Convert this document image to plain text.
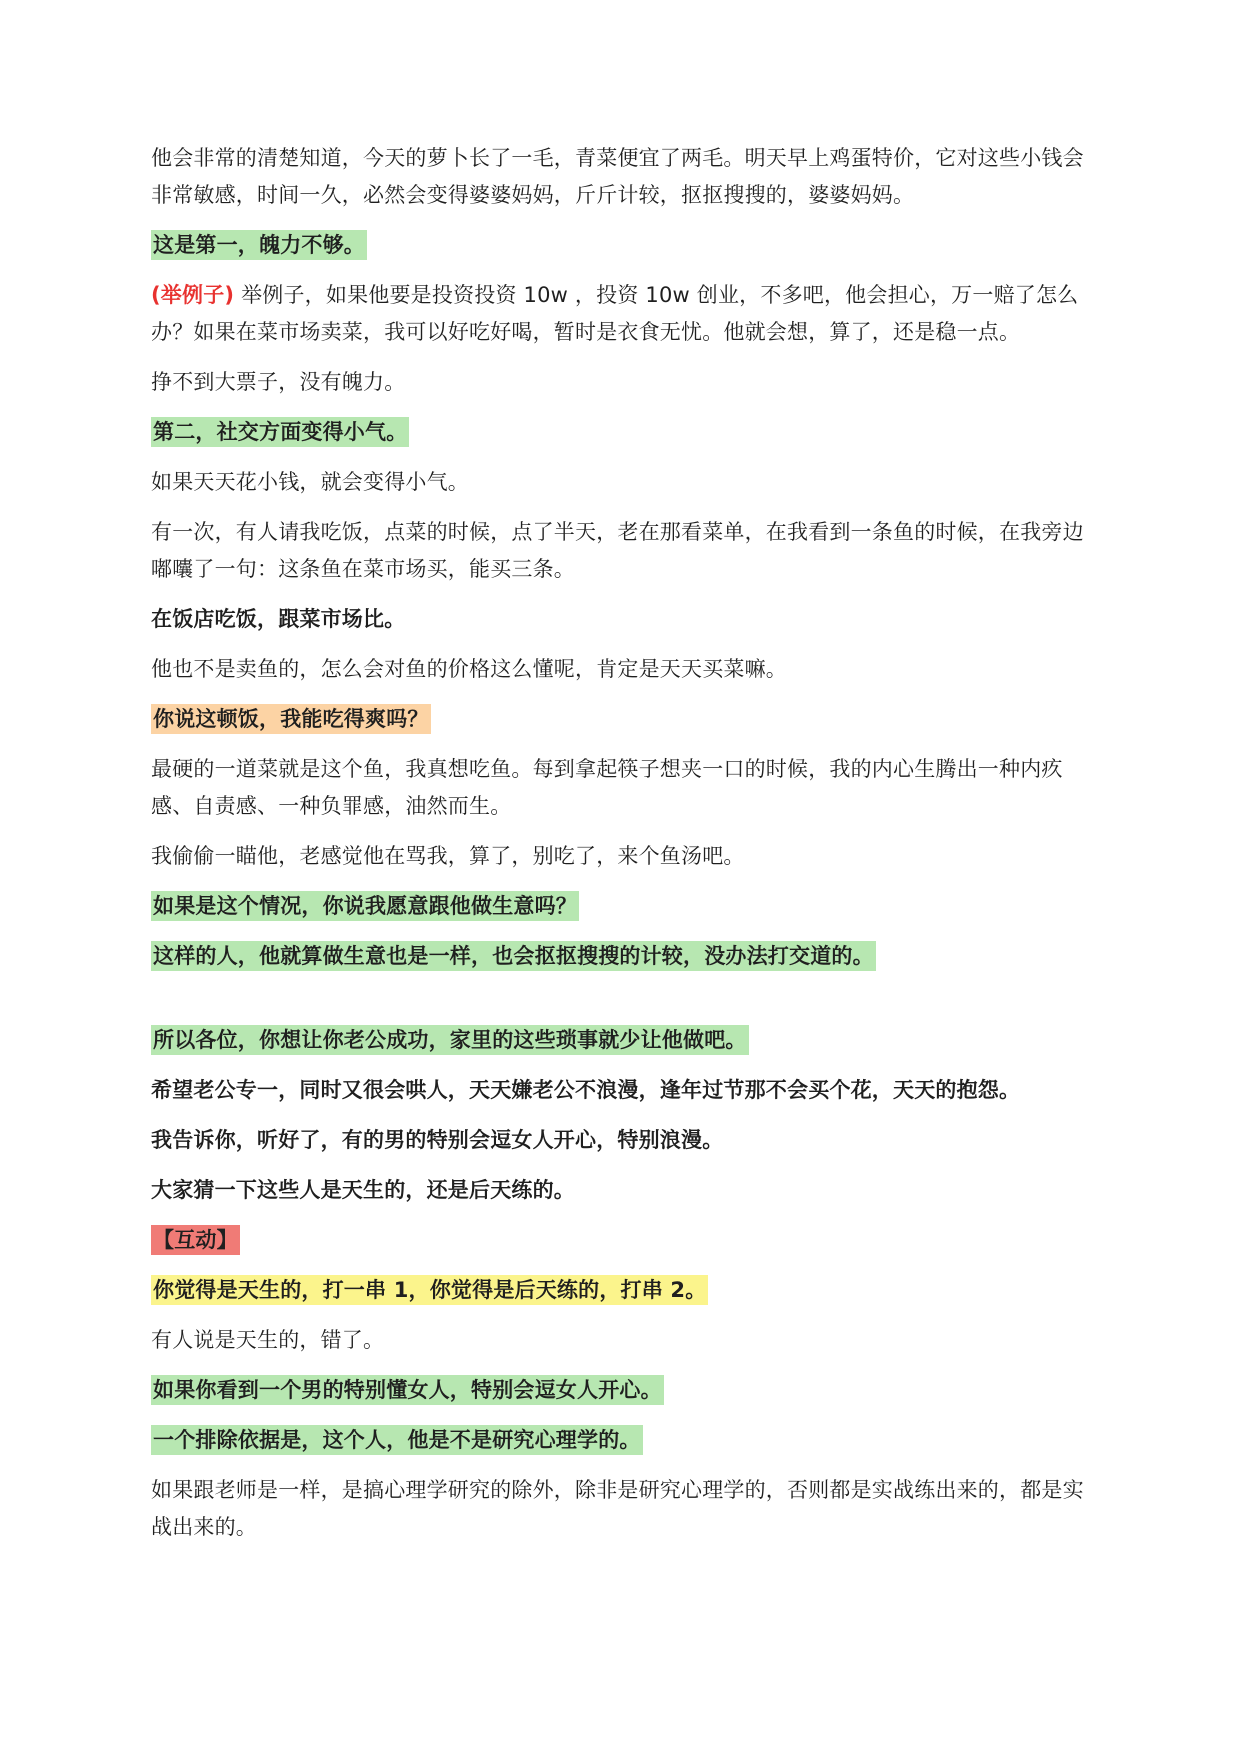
他会非常的清楚知道，今天的萝卜长了一毛，青菜便宜了两毛。明天早上鸡蛋特价，它对这些小钱会非常敏感，时间一久，必然会变得婆婆妈妈，斤斤计较，抠抠搜搜的，婆婆妈妈。

这是第一，魄力不够。

(举例子) 举例子，如果他要是投资投资 10w ，投资 10w 创业，不多吧，他会担心，万一赔了怎么办？如果在菜市场卖菜，我可以好吃好喝，暂时是衣食无忧。他就会想，算了，还是稳一点。

挣不到大票子，没有魄力。

第二，社交方面变得小气。

如果天天花小钱，就会变得小气。

有一次，有人请我吃饭，点菜的时候，点了半天，老在那看菜单，在我看到一条鱼的时候，在我旁边嘟囔了一句：这条鱼在菜市场买，能买三条。

在饭店吃饭，跟菜市场比。

他也不是卖鱼的，怎么会对鱼的价格这么懂呢，肯定是天天买菜嘛。

你说这顿饭，我能吃得爽吗？

最硬的一道菜就是这个鱼，我真想吃鱼。每到拿起筷子想夹一口的时候，我的内心生腾出一种内疚感、自责感、一种负罪感，油然而生。

我偷偷一瞄他，老感觉他在骂我，算了，别吃了，来个鱼汤吧。

如果是这个情况，你说我愿意跟他做生意吗？

这样的人，他就算做生意也是一样，也会抠抠搜搜的计较，没办法打交道的。

所以各位，你想让你老公成功，家里的这些琐事就少让他做吧。

希望老公专一，同时又很会哄人，天天嫌老公不浪漫，逢年过节那不会买个花，天天的抱怨。

我告诉你，听好了，有的男的特别会逗女人开心，特别浪漫。

大家猜一下这些人是天生的，还是后天练的。

【互动】

你觉得是天生的，打一串 1，你觉得是后天练的，打串 2。

有人说是天生的，错了。

如果你看到一个男的特别懂女人，特别会逗女人开心。

一个排除依据是，这个人，他是不是研究心理学的。

如果跟老师是一样，是搞心理学研究的除外，除非是研究心理学的，否则都是实战练出来的，都是实战出来的。
